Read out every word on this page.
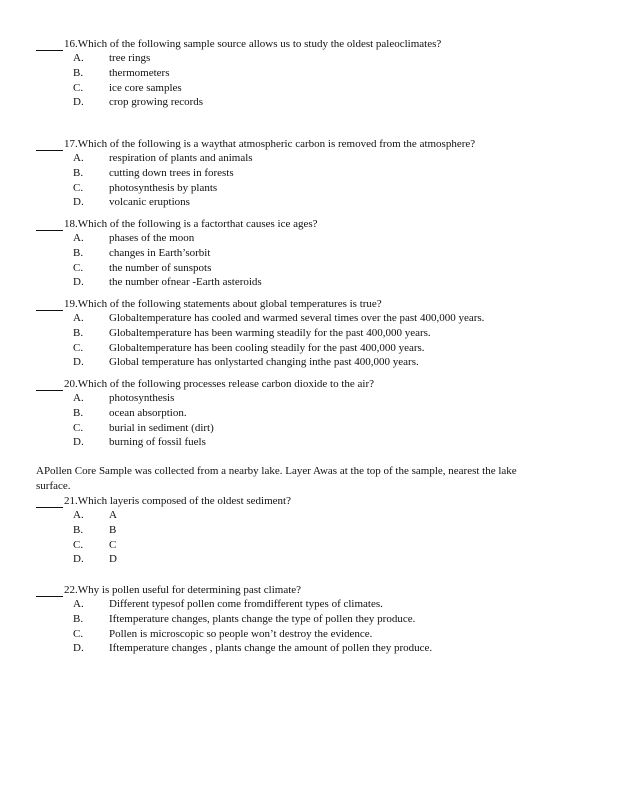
16.Which of the following sample source allows us to study the oldest paleoclimates?
A.	tree rings
B.	thermometers
C.	ice core samples
D.	crop growing records
17.Which of the following is a waythat atmospheric carbon is removed from the atmosphere?
A.	respiration of plants and animals
B.	cutting down trees in forests
C.	photosynthesis by plants
D.	volcanic eruptions
18.Which of the following is a factorthat causes ice ages?
A.	phases of the moon
B.	changes in Earth’sorbit
C.	the number of sunspots
D.	the number ofnear -Earth asteroids
19.Which of the following statements about global temperatures is true?
A.	Globaltemperature has cooled and warmed several times over the past 400,000 years.
B.	Globaltemperature has been warming steadily for the past 400,000 years.
C.	Globaltemperature has been cooling steadily for the past 400,000 years.
D.	Global temperature has onlystarted changing inthe past 400,000 years.
20.Which of the following processes release carbon dioxide to the air?
A.	photosynthesis
B.	ocean absorption.
C.	burial in sediment (dirt)
D.	burning of fossil fuels
APollen Core Sample was collected from a nearby lake. Layer Awas at the top of the sample, nearest the lake
surface.
21.Which layeris composed of the oldest sediment?
A.	A
B.	B
C.	C
D.	D
22.Why is pollen useful for determining past climate?
A.	Different typesof pollen come fromdifferent types of climates.
B.	Iftemperature changes, plants change the type of pollen they produce.
C.	Pollen is microscopic so people won’t destroy the evidence.
D.	Iftemperature changes , plants change the amount of pollen they produce.
